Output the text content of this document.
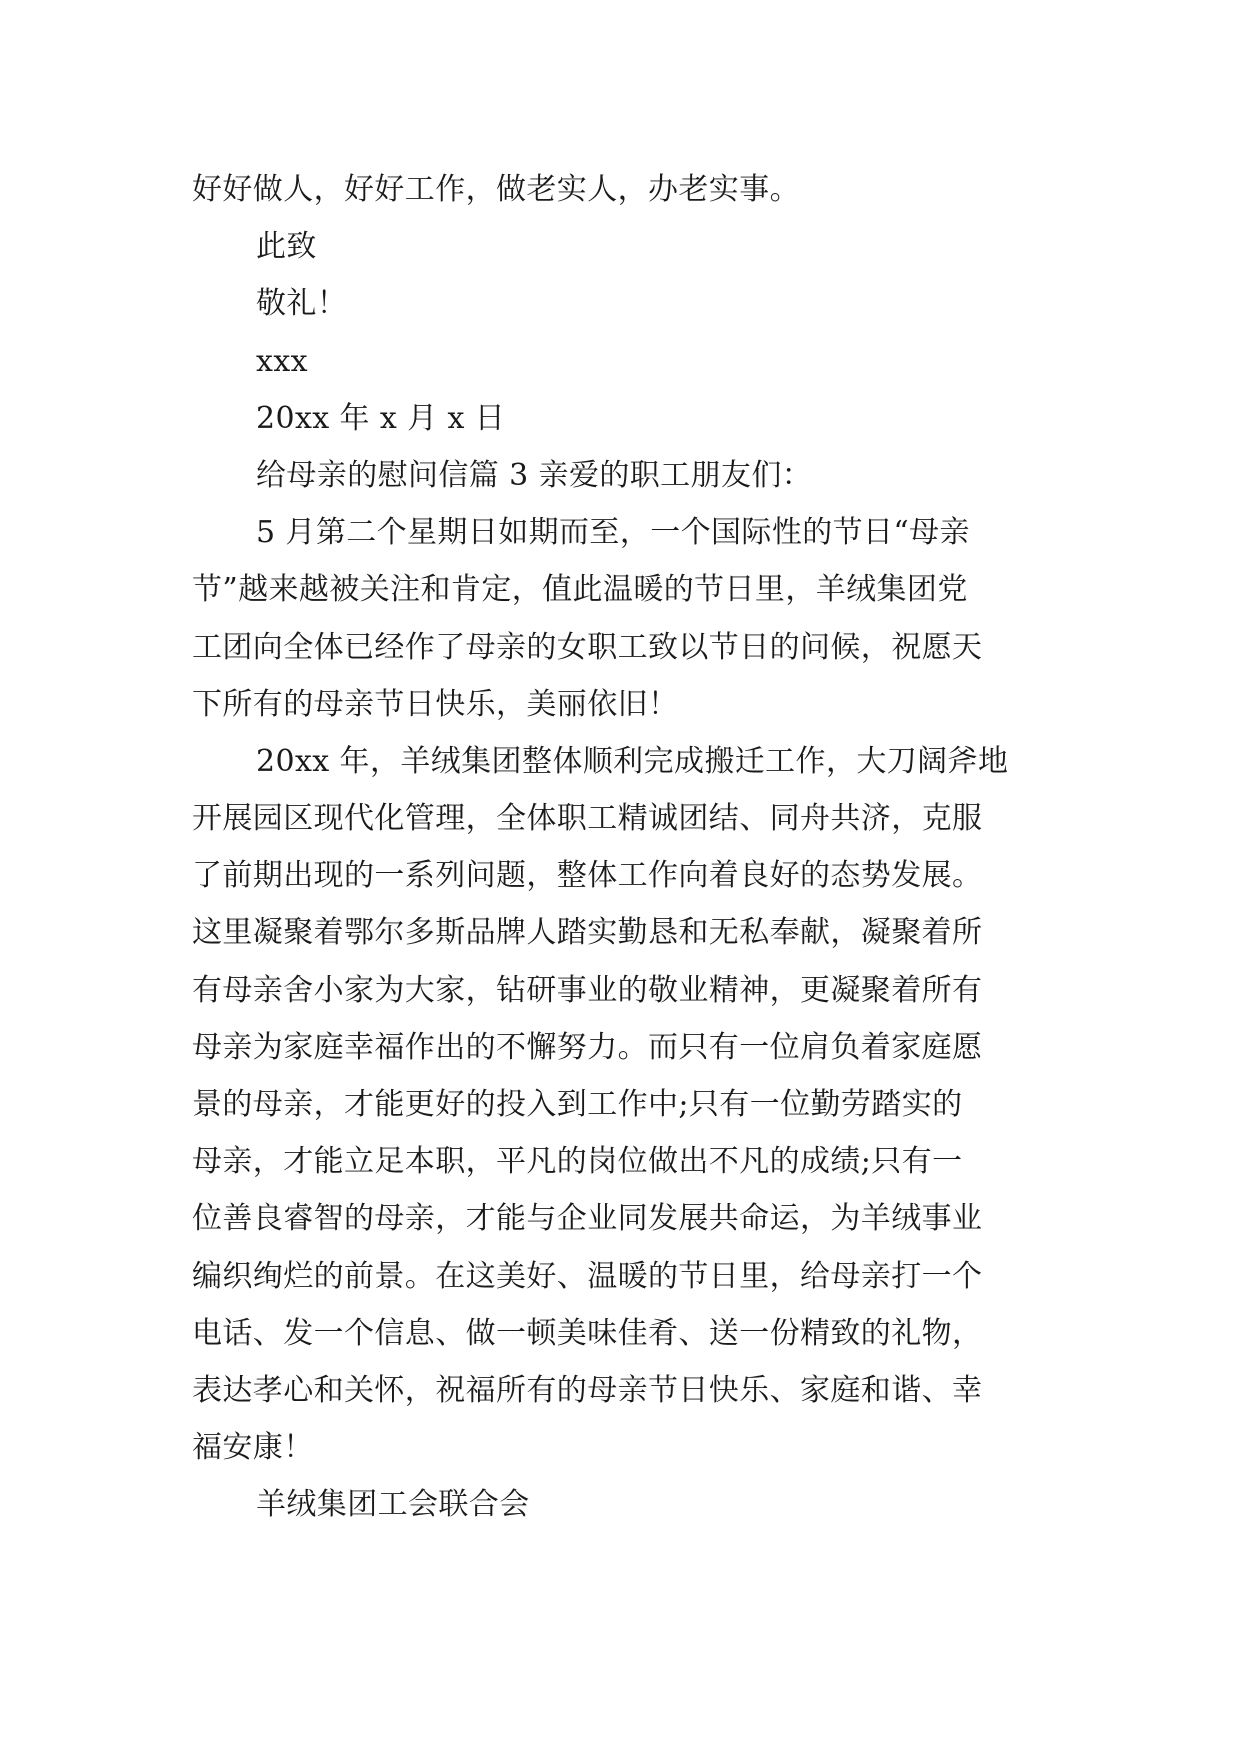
好好做人，好好工作，做老实人，办老实事。
此致
敬礼！
xxx
20xx 年 x 月 x 日
给母亲的慰问信篇 3 亲爱的职工朋友们：
5 月第二个星期日如期而至，一个国际性的节日“母亲
节”越来越被关注和肯定，值此温暖的节日里，羊绒集团党
工团向全体已经作了母亲的女职工致以节日的问候，祝愿天
下所有的母亲节日快乐，美丽依旧！
20xx 年，羊绒集团整体顺利完成搬迁工作，大刀阔斧地
开展园区现代化管理，全体职工精诚团结、同舟共济，克服
了前期出现的一系列问题，整体工作向着良好的态势发展。
这里凝聚着鄂尔多斯品牌人踏实勤恳和无私奉献，凝聚着所
有母亲舍小家为大家，钻研事业的敬业精神，更凝聚着所有
母亲为家庭幸福作出的不懈努力。而只有一位肩负着家庭愿
景的母亲，才能更好的投入到工作中;只有一位勤劳踏实的
母亲，才能立足本职，平凡的岗位做出不凡的成绩;只有一
位善良睿智的母亲，才能与企业同发展共命运，为羊绒事业
编织绚烂的前景。在这美好、温暖的节日里，给母亲打一个
电话、发一个信息、做一顿美味佳肴、送一份精致的礼物，
表达孝心和关怀，祝福所有的母亲节日快乐、家庭和谐、幸
福安康！
羊绒集团工会联合会
